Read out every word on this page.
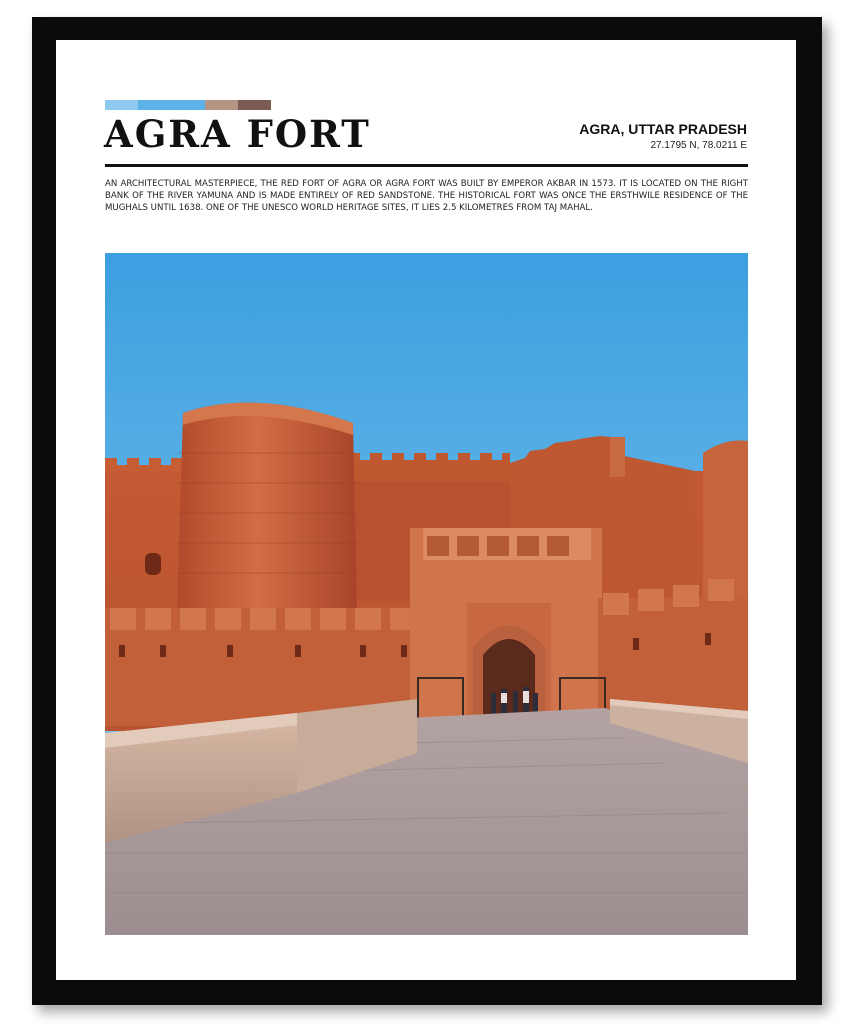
AGRA FORT	AGRA, UTTAR PRADESH
27.1795 N, 78.0211 E
AN ARCHITECTURAL MASTERPIECE, THE RED FORT OF AGRA OR AGRA FORT WAS BUILT BY EMPEROR AKBAR IN 1573. IT IS LOCATED ON THE RIGHT BANK OF THE RIVER YAMUNA AND IS MADE ENTIRELY OF RED SANDSTONE. THE HISTORICAL FORT WAS ONCE THE ERSTHWILE RESIDENCE OF THE MUGHALS UNTIL 1638. ONE OF THE UNESCO WORLD HERITAGE SITES, IT LIES 2.5 KILOMETRES FROM TAJ MAHAL.
